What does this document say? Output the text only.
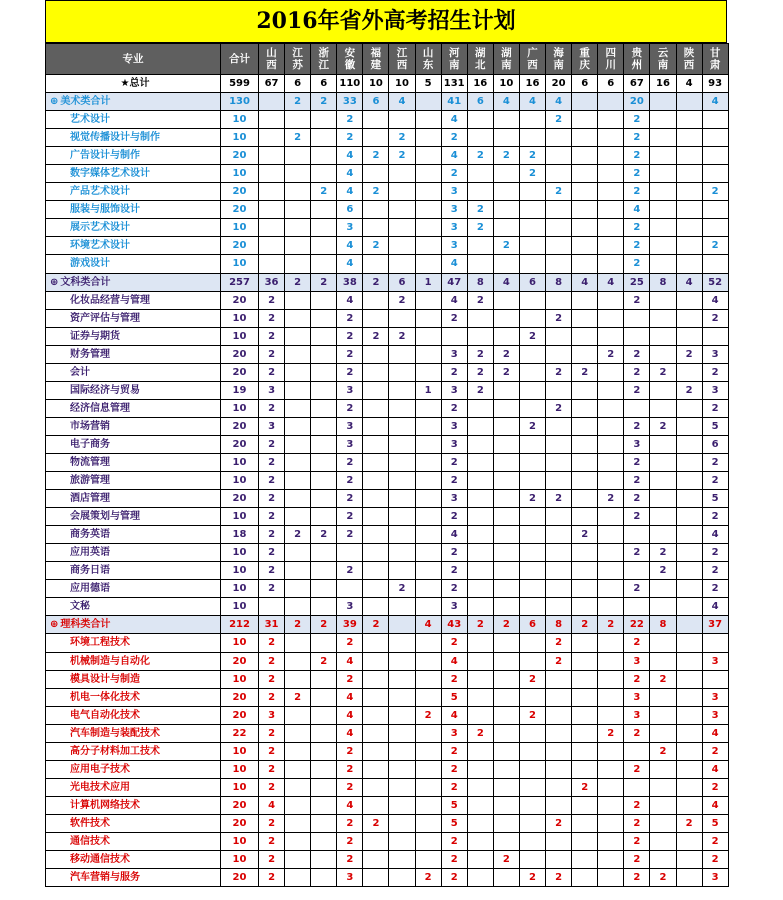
2016年省外高考招生计划
专业	合计	山西	江苏	浙江	安徽	福建	江西	山东	河南	湖北	湖南	广西	海南	重庆	四川	贵州	云南	陕西	甘肃

★总计	599	67	6	6	110	10	10	5	131	16	10	16	20	6	6	67	16	4	93
⊕ 美术类合计	130		2	2	33	6	4		41	6	4	4	4			20			4
艺术设计	10				2				4				2			2			
视觉传播设计与制作	10		2		2		2		2							2			
广告设计与制作	20				4	2	2		4	2	2	2				2			
数字媒体艺术设计	10				4				2			2				2			
产品艺术设计	20			2	4	2			3				2			2			2
服装与服饰设计	20				6				3	2						4			
展示艺术设计	10				3				3	2						2			
环境艺术设计	20				4	2			3		2					2			2
游戏设计	10				4				4							2			
⊕ 文科类合计	257	36	2	2	38	2	6	1	47	8	4	6	8	4	4	25	8	4	52
化妆品经营与管理	20	2			4		2		4	2						2			4
资产评估与管理	10	2			2				2				2						2
证券与期货	10	2			2	2	2					2							
财务管理	20	2			2				3	2	2				2	2		2	3
会计	20	2			2				2	2	2		2	2		2	2		2
国际经济与贸易	19	3			3			1	3	2						2		2	3
经济信息管理	10	2			2				2				2						2
市场营销	20	3			3				3			2				2	2		5
电子商务	20	2			3				3							3			6
物流管理	10	2			2				2							2			2
旅游管理	10	2			2				2							2			2
酒店管理	20	2			2				3			2	2		2	2			5
会展策划与管理	10	2			2				2							2			2
商务英语	18	2	2	2	2				4					2					4
应用英语	10	2							2							2	2		2
商务日语	10	2			2				2								2		2
应用德语	10	2					2		2							2			2
文秘	10				3				3										4
⊕ 理科类合计	212	31	2	2	39	2		4	43	2	2	6	8	2	2	22	8		37
环境工程技术	10	2			2				2				2			2			
机械制造与自动化	20	2		2	4				4				2			3			3
模具设计与制造	10	2			2				2			2				2	2		
机电一体化技术	20	2	2		4				5							3			3
电气自动化技术	20	3			4			2	4			2				3			3
汽车制造与装配技术	22	2			4				3	2					2	2			4
高分子材料加工技术	10	2			2				2								2		2
应用电子技术	10	2			2				2							2			4
光电技术应用	10	2			2				2					2					2
计算机网络技术	20	4			4				5							2			4
软件技术	20	2			2	2			5				2			2		2	5
通信技术	10	2			2				2							2			2
移动通信技术	10	2			2				2		2					2			2
汽车营销与服务	20	2			3			2	2			2	2			2	2		3
